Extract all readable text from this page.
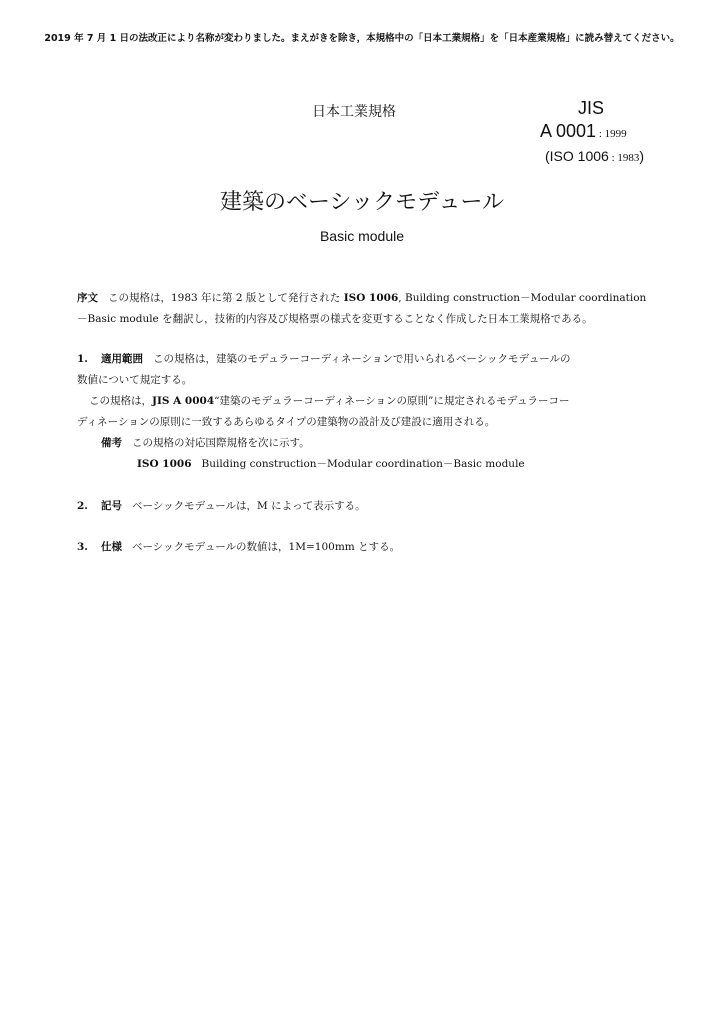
2019 年 7 月 1 日の法改正により名称が変わりました。まえがきを除き，本規格中の「日本工業規格」を「日本産業規格」に読み替えてください。
日本工業規格	JIS
A 0001 : 1999
(ISO 1006 : 1983)
建築のベーシックモデュール
Basic module
序文 この規格は，1983 年に第 2 版として発行された ISO 1006, Building construction－Modular coordination
－Basic module を翻訳し，技術的内容及び規格票の様式を変更することなく作成した日本工業規格である。
1. 適用範囲 この規格は，建築のモデュラーコーディネーションで用いられるベーシックモデュールの
数値について規定する。
この規格は，JIS A 0004“建築のモデュラーコーディネーションの原則”に規定されるモデュラーコー
ディネーションの原則に一致するあらゆるタイプの建築物の設計及び建設に適用される。
備考 この規格の対応国際規格を次に示す。
ISO 1006 Building construction－Modular coordination－Basic module
2. 記号 ベーシックモデュールは，M によって表示する。
3. 仕様 ベーシックモデュールの数値は，1M=100mm とする。
